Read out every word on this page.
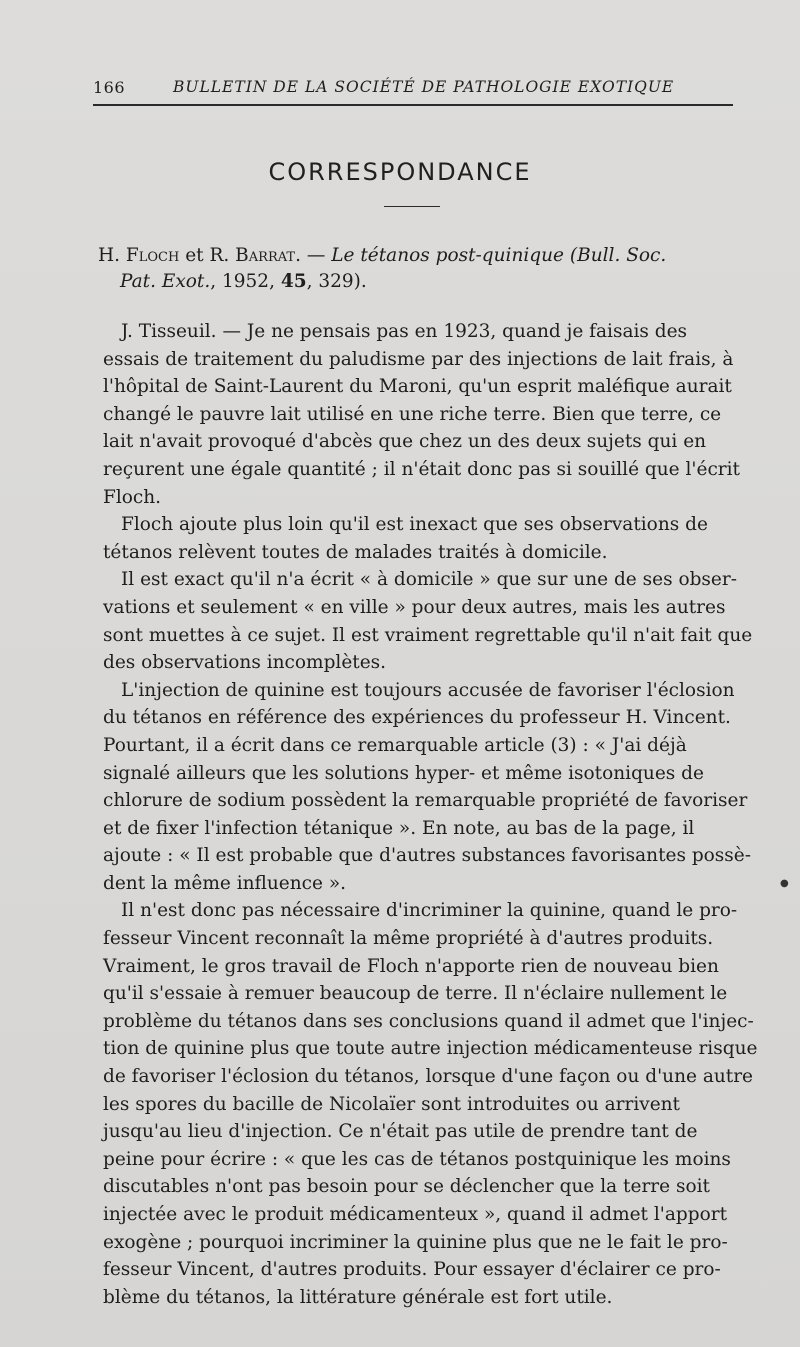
166	BULLETIN DE LA SOCIÉTÉ DE PATHOLOGIE EXOTIQUE
CORRESPONDANCE
H. Floch et R. Barrat. — Le tétanos post-quinique (Bull. Soc.
Pat. Exot., 1952, 45, 329).
J. Tisseuil. — Je ne pensais pas en 1923, quand je faisais des
essais de traitement du paludisme par des injections de lait frais, à
l'hôpital de Saint-Laurent du Maroni, qu'un esprit maléfique aurait
changé le pauvre lait utilisé en une riche terre. Bien que terre, ce
lait n'avait provoqué d'abcès que chez un des deux sujets qui en
reçurent une égale quantité ; il n'était donc pas si souillé que l'écrit
Floch.
Floch ajoute plus loin qu'il est inexact que ses observations de
tétanos relèvent toutes de malades traités à domicile.
Il est exact qu'il n'a écrit « à domicile » que sur une de ses obser-
vations et seulement « en ville » pour deux autres, mais les autres
sont muettes à ce sujet. Il est vraiment regrettable qu'il n'ait fait que
des observations incomplètes.
L'injection de quinine est toujours accusée de favoriser l'éclosion
du tétanos en référence des expériences du professeur H. Vincent.
Pourtant, il a écrit dans ce remarquable article (3) : « J'ai déjà
signalé ailleurs que les solutions hyper- et même isotoniques de
chlorure de sodium possèdent la remarquable propriété de favoriser
et de fixer l'infection tétanique ». En note, au bas de la page, il
ajoute : « Il est probable que d'autres substances favorisantes possè-
dent la même influence ».
Il n'est donc pas nécessaire d'incriminer la quinine, quand le pro-
fesseur Vincent reconnaît la même propriété à d'autres produits.
Vraiment, le gros travail de Floch n'apporte rien de nouveau bien
qu'il s'essaie à remuer beaucoup de terre. Il n'éclaire nullement le
problème du tétanos dans ses conclusions quand il admet que l'injec-
tion de quinine plus que toute autre injection médicamenteuse risque
de favoriser l'éclosion du tétanos, lorsque d'une façon ou d'une autre
les spores du bacille de Nicolaïer sont introduites ou arrivent
jusqu'au lieu d'injection. Ce n'était pas utile de prendre tant de
peine pour écrire : « que les cas de tétanos postquinique les moins
discutables n'ont pas besoin pour se déclencher que la terre soit
injectée avec le produit médicamenteux », quand il admet l'apport
exogène ; pourquoi incriminer la quinine plus que ne le fait le pro-
fesseur Vincent, d'autres produits. Pour essayer d'éclairer ce pro-
blème du tétanos, la littérature générale est fort utile.
●
